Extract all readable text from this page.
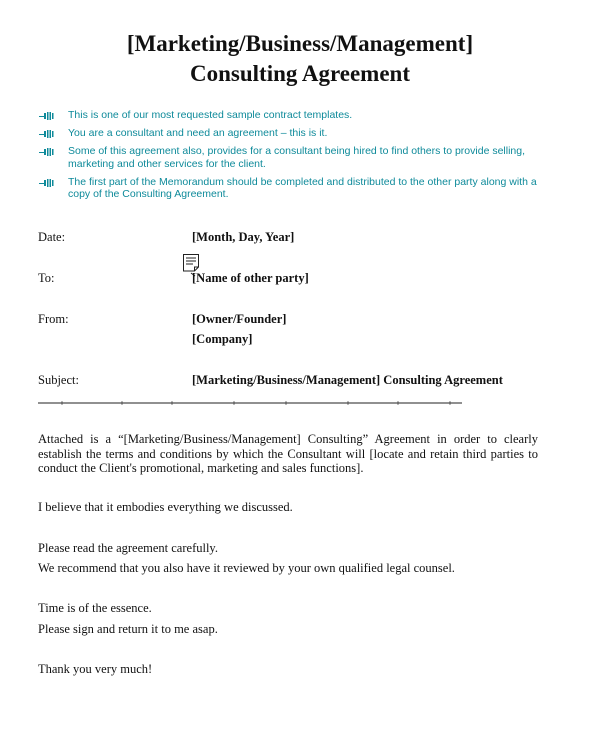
[Marketing/Business/Management]
Consulting Agreement
This is one of our most requested sample contract templates.
You are a consultant and need an agreement – this is it.
Some of this agreement also, provides for a consultant being hired to find others to provide selling, marketing and other services for the client.
The first part of the Memorandum should be completed and distributed to the other party along with a copy of the Consulting Agreement.
Date:	[Month, Day, Year]
To:	[Name of other party]
From:	[Owner/Founder]
[Company]
Subject:	[Marketing/Business/Management] Consulting Agreement
Attached is a “[Marketing/Business/Management] Consulting” Agreement in order to clearly establish the terms and conditions by which the Consultant will [locate and retain third parties to conduct the Client's promotional, marketing and sales functions].
I believe that it embodies everything we discussed.
Please read the agreement carefully.
We recommend that you also have it reviewed by your own qualified legal counsel.
Time is of the essence.
Please sign and return it to me asap.
Thank you very much!
